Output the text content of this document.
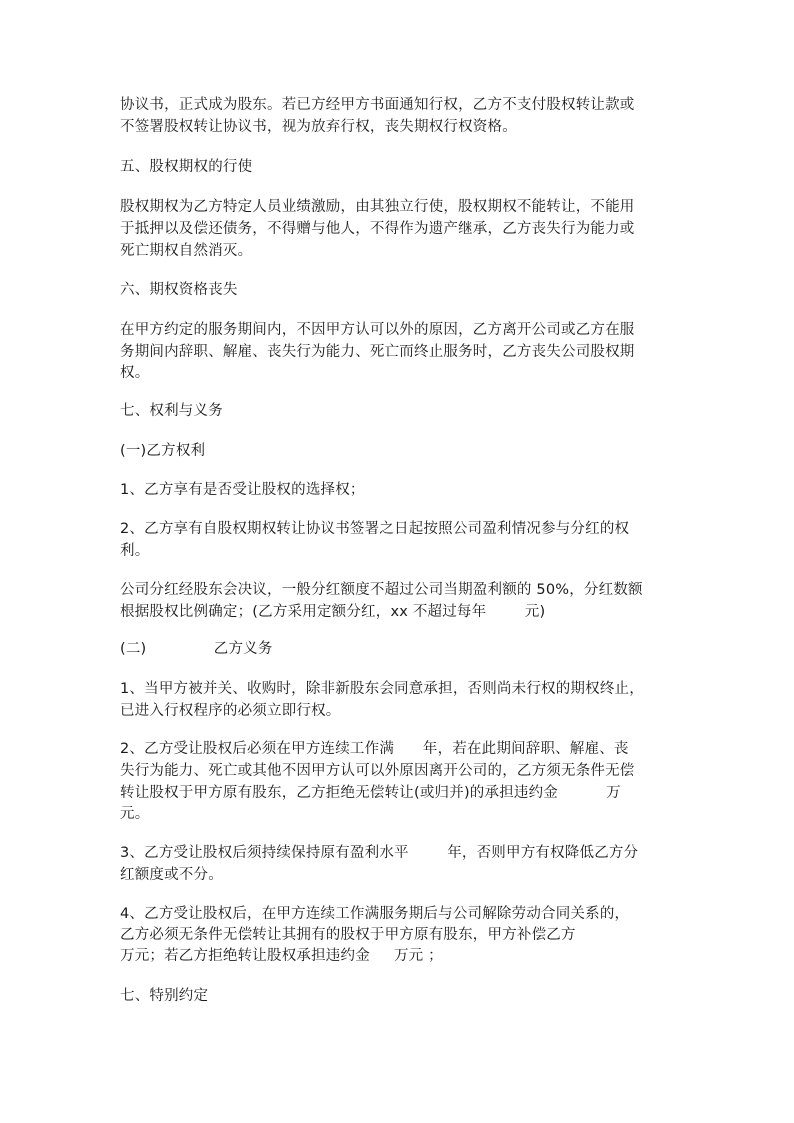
协议书，正式成为股东。若已方经甲方书面通知行权，乙方不支付股权转让款或
不签署股权转让协议书，视为放弃行权，丧失期权行权资格。
五、股权期权的行使
股权期权为乙方特定人员业绩激励，由其独立行使，股权期权不能转让，不能用
于抵押以及偿还债务，不得赠与他人，不得作为遗产继承，乙方丧失行为能力或
死亡期权自然消灭。
六、期权资格丧失
在甲方约定的服务期间内，不因甲方认可以外的原因，乙方离开公司或乙方在服
务期间内辞职、解雇、丧失行为能力、死亡而终止服务时，乙方丧失公司股权期
权。
七、权利与义务
(一)乙方权利
1、乙方享有是否受让股权的选择权；
2、乙方享有自股权期权转让协议书签署之日起按照公司盈利情况参与分红的权
利。
公司分红经股东会决议，一般分红额度不超过公司当期盈利额的 50%，分红数额
根据股权比例确定；(乙方采用定额分红，xx 不超过每年        元)
(二)              乙方义务
1、当甲方被并关、收购时，除非新股东会同意承担，否则尚未行权的期权终止，
已进入行权程序的必须立即行权。
2、乙方受让股权后必须在甲方连续工作满      年，若在此期间辞职、解雇、丧
失行为能力、死亡或其他不因甲方认可以外原因离开公司的，乙方须无条件无偿
转让股权于甲方原有股东，乙方拒绝无偿转让(或归并)的承担违约金          万
元。
3、乙方受让股权后须持续保持原有盈利水平        年，否则甲方有权降低乙方分
红额度或不分。
4、乙方受让股权后，在甲方连续工作满服务期后与公司解除劳动合同关系的，
乙方必须无条件无偿转让其拥有的股权于甲方原有股东，甲方补偿乙方
万元；若乙方拒绝转让股权承担违约金     万元 ；
七、特别约定
